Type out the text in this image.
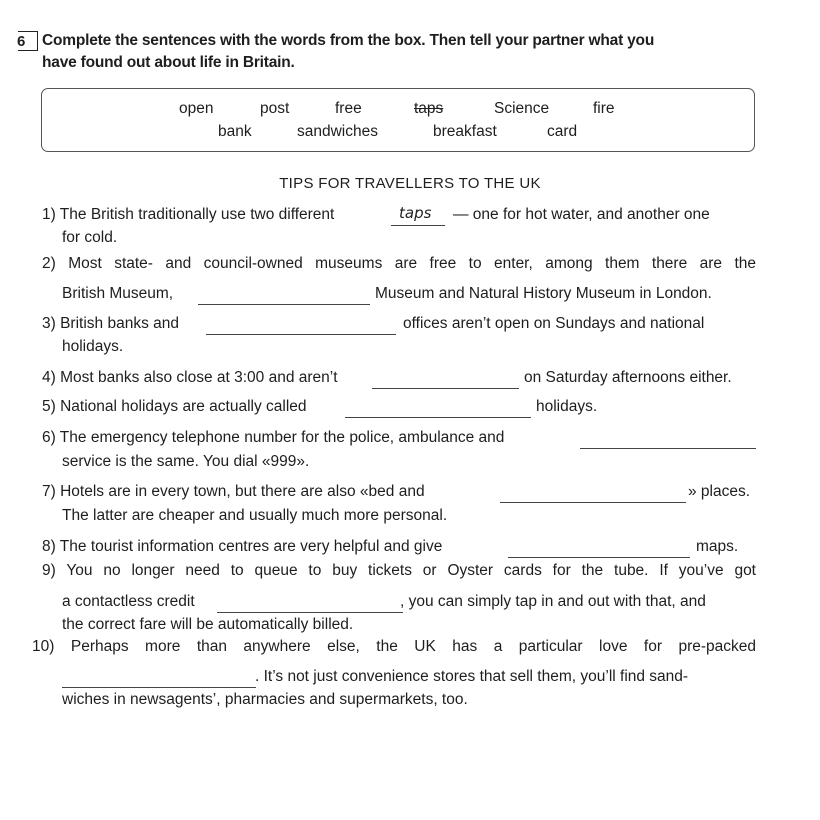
6	Complete the sentences with the words from the box. Then tell your partner what you
have found out about life in Britain.
open	post	free	taps	Science	fire
bank	sandwiches	breakfast	card
TIPS FOR TRAVELLERS TO THE UK
1) The British traditionally use two different	taps — one for hot water, and another one
for cold.
2) Most state- and council-owned museums are free to enter, among them there are the
British Museum,	Museum and Natural History Museum in London.
3) British banks and	offices aren’t open on Sundays and national
holidays.
4) Most banks also close at 3:00 and aren’t	on Saturday afternoons either.
5) National holidays are actually called	holidays.
6) The emergency telephone number for the police, ambulance and
service is the same. You dial «999».
7) Hotels are in every town, but there are also «bed and	» places.
The latter are cheaper and usually much more personal.
8) The tourist information centres are very helpful and give	maps.
9) You no longer need to queue to buy tickets or Oyster cards for the tube. If you’ve got
a contactless credit	, you can simply tap in and out with that, and
the correct fare will be automatically billed.
10) Perhaps more than anywhere else, the UK has a particular love for pre-packed
. It’s not just convenience stores that sell them, you’ll find sand-
wiches in newsagents’, pharmacies and supermarkets, too.
